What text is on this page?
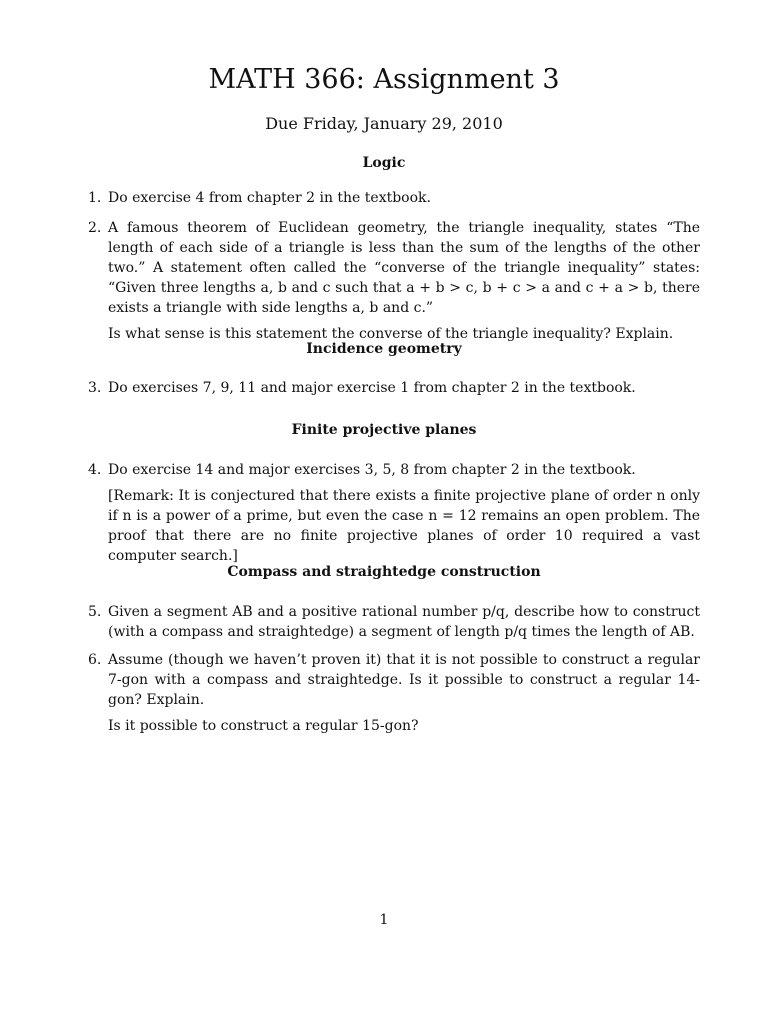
MATH 366: Assignment 3
Due Friday, January 29, 2010
Logic
1. Do exercise 4 from chapter 2 in the textbook.
2. A famous theorem of Euclidean geometry, the triangle inequality, states “The length of each side of a triangle is less than the sum of the lengths of the other two.” A statement often called the “converse of the triangle inequality” states: “Given three lengths a, b and c such that a + b > c, b + c > a and c + a > b, there exists a triangle with side lengths a, b and c.”
Is what sense is this statement the converse of the triangle inequality? Explain.
Incidence geometry
3. Do exercises 7, 9, 11 and major exercise 1 from chapter 2 in the textbook.
Finite projective planes
4. Do exercise 14 and major exercises 3, 5, 8 from chapter 2 in the textbook.
[Remark: It is conjectured that there exists a finite projective plane of order n only if n is a power of a prime, but even the case n = 12 remains an open problem. The proof that there are no finite projective planes of order 10 required a vast computer search.]
Compass and straightedge construction
5. Given a segment AB and a positive rational number p/q, describe how to construct (with a compass and straightedge) a segment of length p/q times the length of AB.
6. Assume (though we haven’t proven it) that it is not possible to construct a regular 7-gon with a compass and straightedge. Is it possible to construct a regular 14-gon? Explain.
Is it possible to construct a regular 15-gon?
1
